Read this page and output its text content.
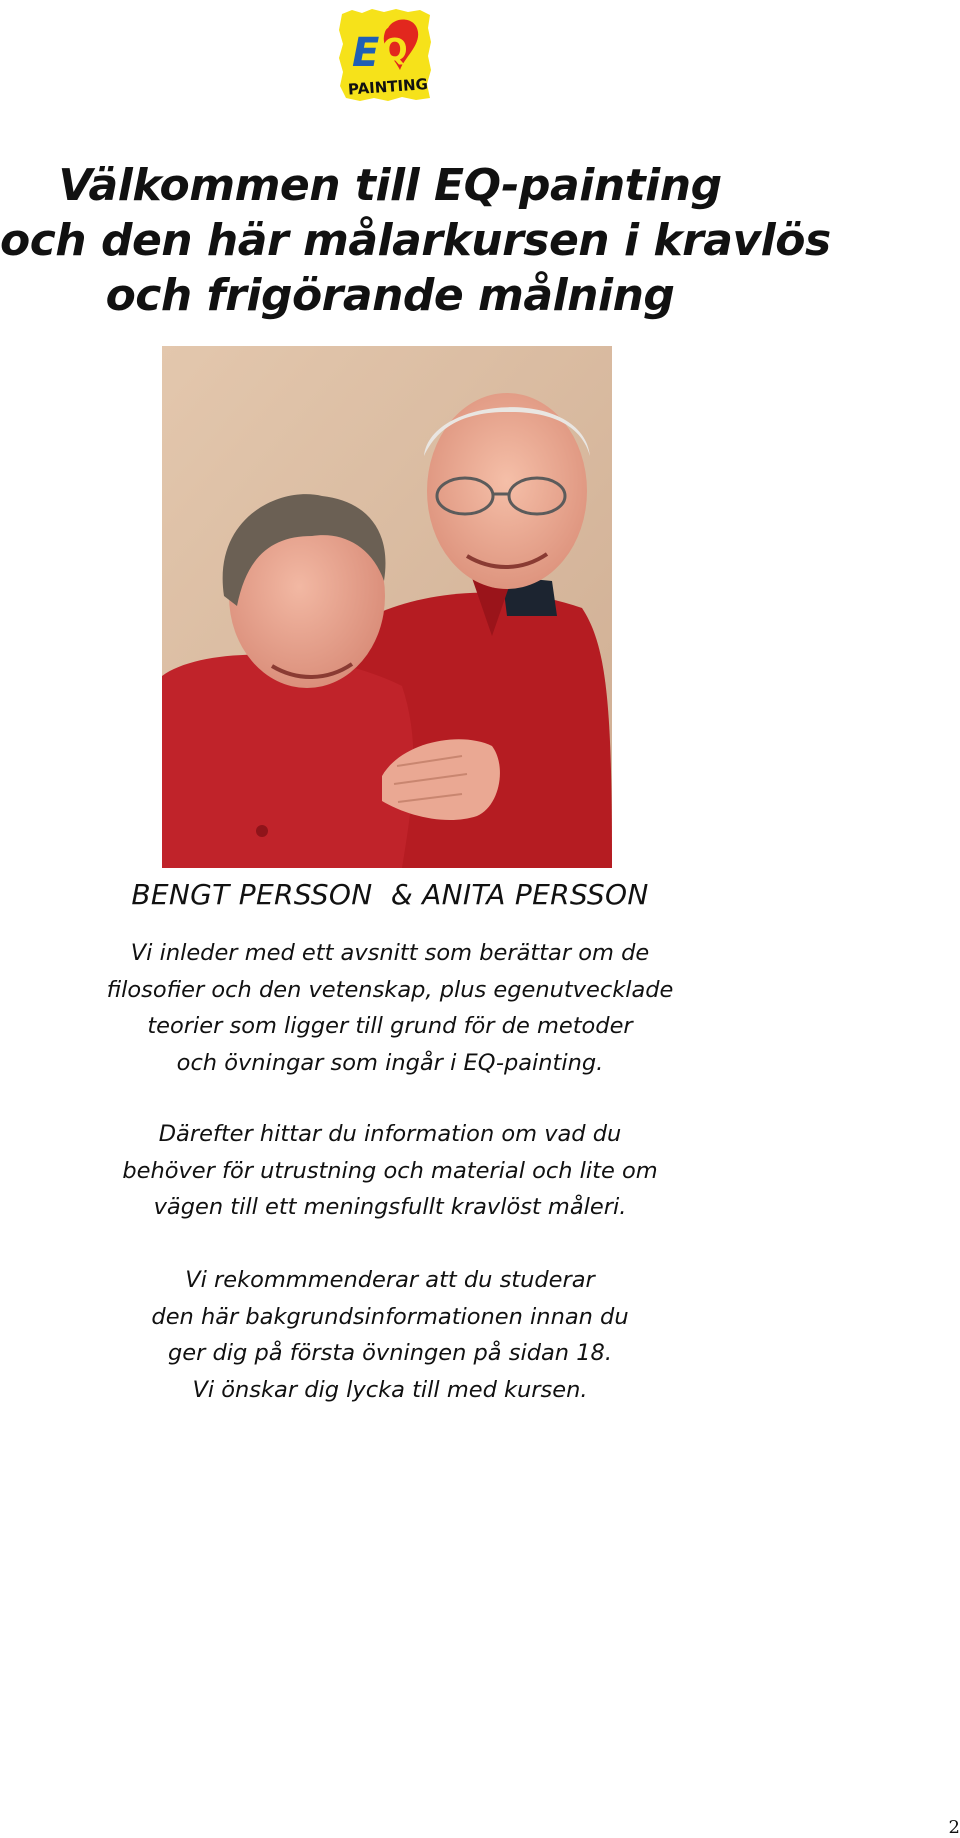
E Q
PAINTING
Välkommen till EQ-painting
och den här målarkursen i kravlös
och frigörande målning
BENGT PERSSON  & ANITA PERSSON
Vi inleder med ett avsnitt som berättar om de
filosofier och den vetenskap, plus egenutvecklade
teorier som ligger till grund för de metoder
och övningar som ingår i EQ-painting.
Därefter hittar du information om vad du
behöver för utrustning och material och lite om
vägen till ett meningsfullt kravlöst måleri.
Vi rekommmenderar att du studerar
den här bakgrundsinformationen innan du
ger dig på första övningen på sidan 18.
Vi önskar dig lycka till med kursen.
2
